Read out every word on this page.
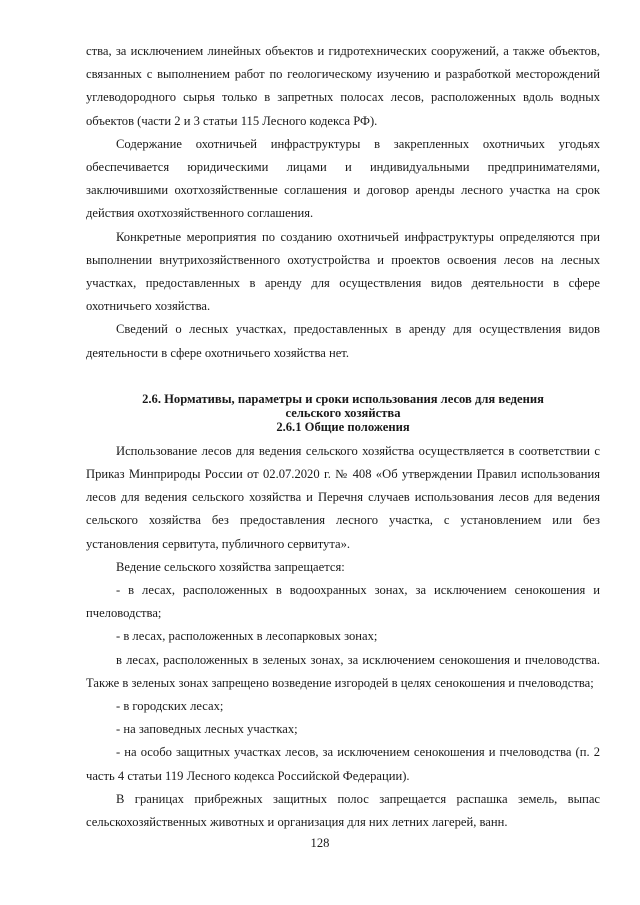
ства, за исключением линейных объектов и гидротехнических сооружений, а также объектов, связанных с выполнением работ по геологическому изучению и разработкой месторождений углеводородного сырья только в запретных полосах лесов, расположенных вдоль водных объектов (части 2 и 3 статьи 115 Лесного кодекса РФ).

Содержание охотничьей инфраструктуры в закрепленных охотничьих угодьях обеспечивается юридическими лицами и индивидуальными предпринимателями, заключившими охотхозяйственные соглашения и договор аренды лесного участка на срок действия охотхозяйственного соглашения.

Конкретные мероприятия по созданию охотничьей инфраструктуры определяются при выполнении внутрихозяйственного охотустройства и проектов освоения лесов на лесных участках, предоставленных в аренду для осуществления видов деятельности в сфере охотничьего хозяйства.

Сведений о лесных участках, предоставленных в аренду для осуществления видов деятельности в сфере охотничьего хозяйства нет.

2.6. Нормативы, параметры и сроки использования лесов для ведения
сельского хозяйства
2.6.1 Общие положения

Использование лесов для ведения сельского хозяйства осуществляется в соответствии с Приказ Минприроды России от 02.07.2020 г. № 408 «Об утверждении Правил использования лесов для ведения сельского хозяйства и Перечня случаев использования лесов для ведения сельского хозяйства без предоставления лесного участка, с установлением или без установления сервитута, публичного сервитута».

Ведение сельского хозяйства запрещается:

- в лесах, расположенных в водоохранных зонах, за исключением сенокошения и пчеловодства;

- в лесах, расположенных в лесопарковых зонах;

в лесах, расположенных в зеленых зонах, за исключением сенокошения и пчеловодства. Также в зеленых зонах запрещено возведение изгородей в целях сенокошения и пчеловодства;

- в городских лесах;

- на заповедных лесных участках;

- на особо защитных участках лесов, за исключением сенокошения и пчеловодства (п. 2 часть 4 статьи 119 Лесного кодекса Российской Федерации).

В границах прибрежных защитных полос запрещается распашка земель, выпас сельскохозяйственных животных и организация для них летних лагерей, ванн.

128
